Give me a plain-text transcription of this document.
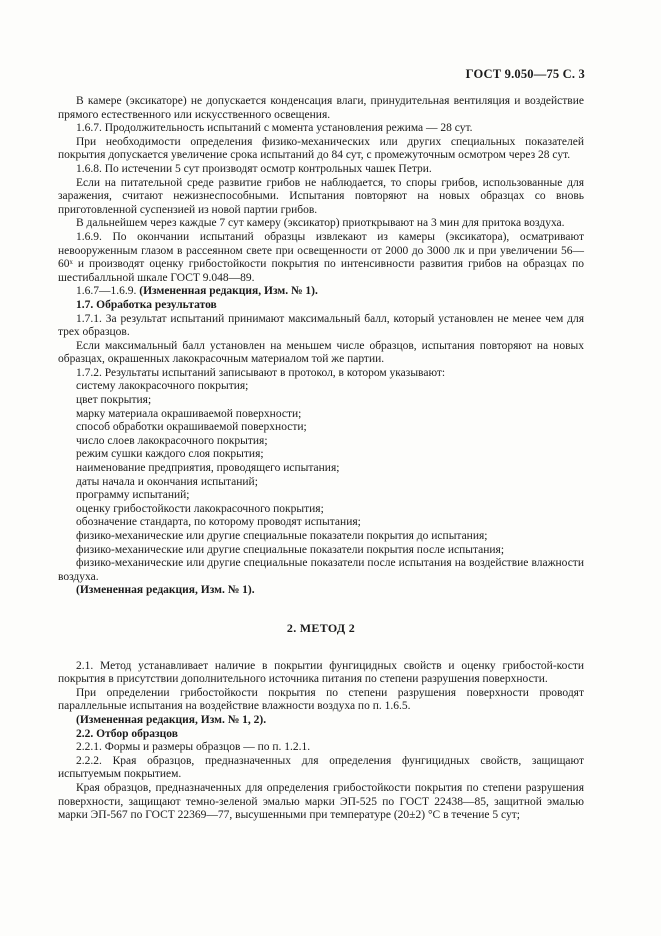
ГОСТ 9.050—75 С. 3

В камере (эксикаторе) не допускается конденсация влаги, принудительная вентиляция и воздействие прямого естественного или искусственного освещения.

1.6.7. Продолжительность испытаний с момента установления режима — 28 сут.

При необходимости определения физико-механических или других специальных показателей покрытия допускается увеличение срока испытаний до 84 сут, с промежуточным осмотром через 28 сут.

1.6.8. По истечении 5 сут производят осмотр контрольных чашек Петри.

Если на питательной среде развитие грибов не наблюдается, то споры грибов, использованные для заражения, считают нежизнеспособными. Испытания повторяют на новых образцах со вновь приготовленной суспензией из новой партии грибов.

В дальнейшем через каждые 7 сут камеру (эксикатор) приоткрывают на 3 мин для притока воздуха.

1.6.9. По окончании испытаний образцы извлекают из камеры (эксикатора), осматривают невооруженным глазом в рассеянном свете при освещенности от 2000 до 3000 лк и при увеличении 56—60ˣ и производят оценку грибостойкости покрытия по интенсивности развития грибов на образцах по шестибалльной шкале ГОСТ 9.048—89.

1.6.7—1.6.9. (Измененная редакция, Изм. № 1).

1.7. Обработка результатов

1.7.1. За результат испытаний принимают максимальный балл, который установлен не менее чем для трех образцов.

Если максимальный балл установлен на меньшем числе образцов, испытания повторяют на новых образцах, окрашенных лакокрасочным материалом той же партии.

1.7.2. Результаты испытаний записывают в протокол, в котором указывают:

систему лакокрасочного покрытия;

цвет покрытия;

марку материала окрашиваемой поверхности;

способ обработки окрашиваемой поверхности;

число слоев лакокрасочного покрытия;

режим сушки каждого слоя покрытия;

наименование предприятия, проводящего испытания;

даты начала и окончания испытаний;

программу испытаний;

оценку грибостойкости лакокрасочного покрытия;

обозначение стандарта, по которому проводят испытания;

физико-механические или другие специальные показатели покрытия до испытания;

физико-механические или другие специальные показатели покрытия после испытания;

физико-механические или другие специальные показатели после испытания на воздействие влажности воздуха.

(Измененная редакция, Изм. № 1).

2. МЕТОД 2

2.1. Метод устанавливает наличие в покрытии фунгицидных свойств и оценку грибостой-кости покрытия в присутствии дополнительного источника питания по степени разрушения поверхности.

При определении грибостойкости покрытия по степени разрушения поверхности проводят параллельные испытания на воздействие влажности воздуха по п. 1.6.5.

(Измененная редакция, Изм. № 1, 2).

2.2. Отбор образцов

2.2.1. Формы и размеры образцов — по п. 1.2.1.

2.2.2. Края образцов, предназначенных для определения фунгицидных свойств, защищают испытуемым покрытием.

Края образцов, предназначенных для определения грибостойкости покрытия по степени разрушения поверхности, защищают темно-зеленой эмалью марки ЭП-525 по ГОСТ 22438—85, защитной эмалью марки ЭП-567 по ГОСТ 22369—77, высушенными при температуре (20±2) °С в течение 5 сут;
